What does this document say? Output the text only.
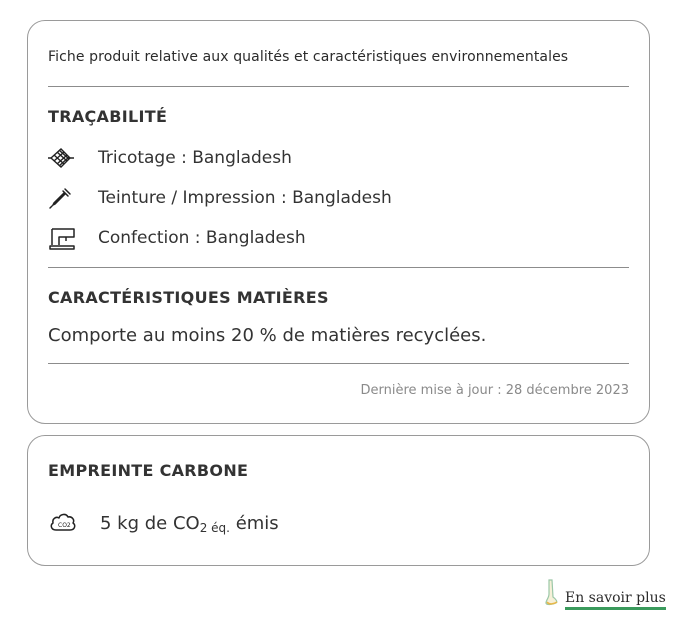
Fiche produit relative aux qualités et caractéristiques environnementales
TRAÇABILITÉ
Tricotage : Bangladesh
Teinture / Impression : Bangladesh
Confection : Bangladesh
CARACTÉRISTIQUES MATIÈRES
Comporte au moins 20 % de matières recyclées.
Dernière mise à jour : 28 décembre 2023
EMPREINTE CARBONE
CO2 5 kg de $CO_{2 éq.}$ émis
En savoir plus
